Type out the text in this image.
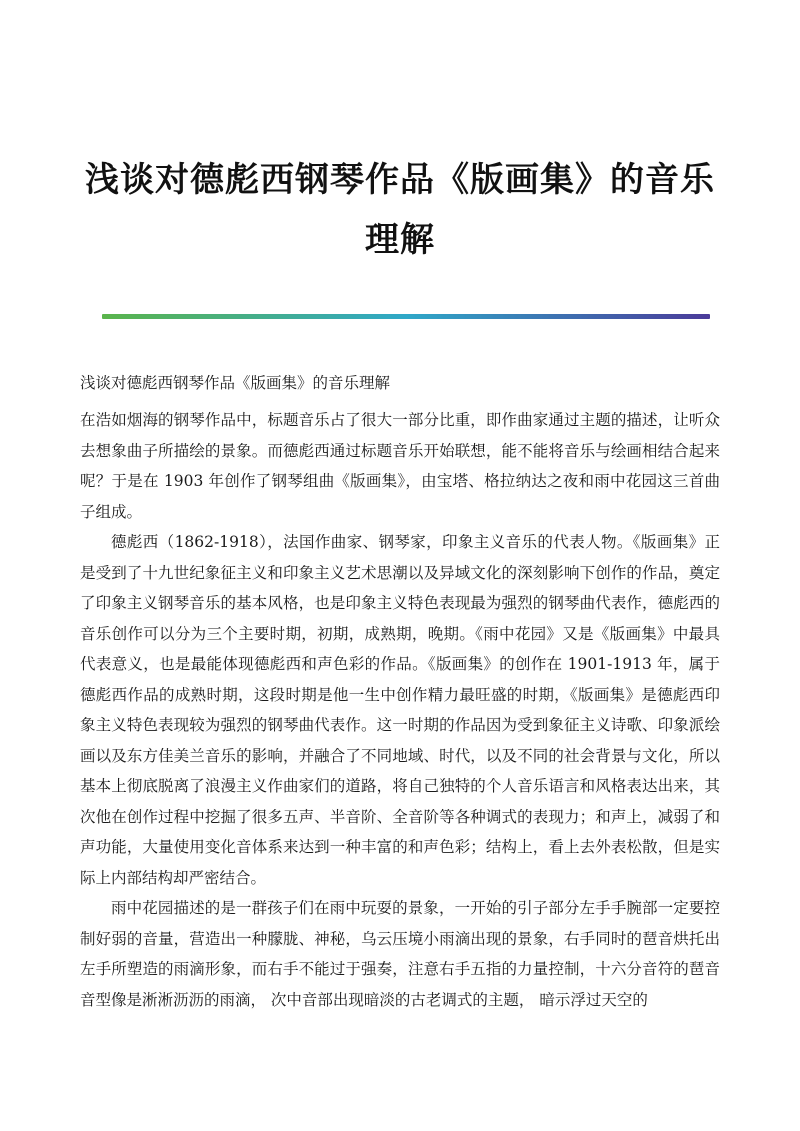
浅谈对德彪西钢琴作品《版画集》的音乐理解

浅谈对德彪西钢琴作品《版画集》的音乐理解

在浩如烟海的钢琴作品中，标题音乐占了很大一部分比重，即作曲家通过主题的描述，让听众去想象曲子所描绘的景象。而德彪西通过标题音乐开始联想，能不能将音乐与绘画相结合起来呢？于是在 1903 年创作了钢琴组曲《版画集》，由宝塔、格拉纳达之夜和雨中花园这三首曲子组成。

德彪西（1862-1918），法国作曲家、钢琴家，印象主义音乐的代表人物。《版画集》正是受到了十九世纪象征主义和印象主义艺术思潮以及异域文化的深刻影响下创作的作品，奠定了印象主义钢琴音乐的基本风格，也是印象主义特色表现最为强烈的钢琴曲代表作，德彪西的音乐创作可以分为三个主要时期，初期，成熟期，晚期。《雨中花园》又是《版画集》中最具代表意义，也是最能体现德彪西和声色彩的作品。《版画集》的创作在 1901-1913 年，属于德彪西作品的成熟时期，这段时期是他一生中创作精力最旺盛的时期，《版画集》是德彪西印象主义特色表现较为强烈的钢琴曲代表作。这一时期的作品因为受到象征主义诗歌、印象派绘画以及东方佳美兰音乐的影响，并融合了不同地域、时代，以及不同的社会背景与文化，所以基本上彻底脱离了浪漫主义作曲家们的道路，将自己独特的个人音乐语言和风格表达出来，其次他在创作过程中挖掘了很多五声、半音阶、全音阶等各种调式的表现力；和声上，减弱了和声功能，大量使用变化音体系来达到一种丰富的和声色彩；结构上，看上去外表松散，但是实际上内部结构却严密结合。

雨中花园描述的是一群孩子们在雨中玩耍的景象，一开始的引子部分左手手腕部一定要控制好弱的音量，营造出一种朦胧、神秘，乌云压境小雨滴出现的景象，右手同时的琶音烘托出左手所塑造的雨滴形象，而右手不能过于强奏，注意右手五指的力量控制，十六分音符的琶音音型像是淅淅沥沥的雨滴， 次中音部出现暗淡的古老调式的主题， 暗示浮过天空的
